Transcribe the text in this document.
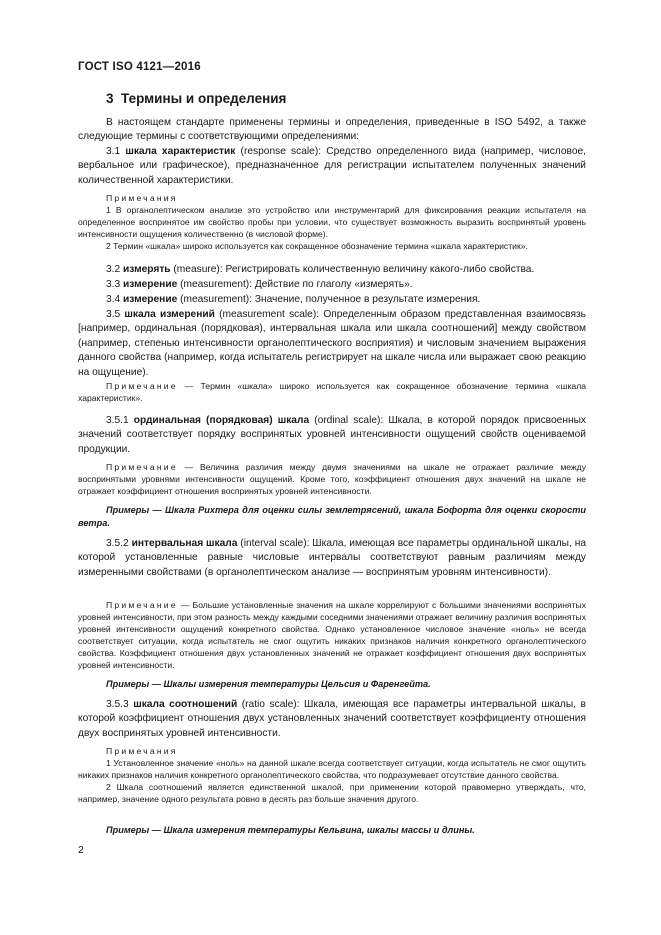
ГОСТ ISO 4121—2016
3 Термины и определения
В настоящем стандарте применены термины и определения, приведенные в ISO 5492, а также следующие термины с соответствующими определениями:
3.1 шкала характеристик (response scale): Средство определенного вида (например, числовое, вербальное или графическое), предназначенное для регистрации испытателем полученных значений количественной характеристики.

Примечания

1 В органолептическом анализе это устройство или инструментарий для фиксирования реакции испытателя на определенное воспринятое им свойство пробы при условии, что существует возможность выразить воспринятый уровень интенсивности ощущения количественно (в числовой форме).

2 Термин «шкала» широко используется как сокращенное обозначение термина «шкала характеристик».

3.2 измерять (measure): Регистрировать количественную величину какого-либо свойства.
3.3 измерение (measurement): Действие по глаголу «измерять».
3.4 измерение (measurement): Значение, полученное в результате измерения.
3.5 шкала измерений (measurement scale): Определенным образом представленная взаимосвязь [например, ординальная (порядковая), интервальная шкала или шкала соотношений] между свойством (например, степенью интенсивности органолептического восприятия) и числовым значением выражения данного свойства (например, когда испытатель регистрирует на шкале числа или выражает свою реакцию на ощущение).
Примечание — Термин «шкала» широко используется как сокращенное обозначение термина «шкала характеристик».
3.5.1 ординальная (порядковая) шкала (ordinal scale): Шкала, в которой порядок присвоенных значений соответствует порядку воспринятых уровней интенсивности ощущений свойств оцениваемой продукции.
Примечание — Величина различия между двумя значениями на шкале не отражает различие между воспринятыми уровнями интенсивности ощущений. Кроме того, коэффициент отношения двух значений на шкале не отражает коэффициент отношения воспринятых уровней интенсивности.
Примеры — Шкала Рихтера для оценки силы землетрясений, шкала Бофорта для оценки скорости ветра.
3.5.2 интервальная шкала (interval scale): Шкала, имеющая все параметры ординальной шкалы, на которой установленные равные числовые интервалы соответствуют равным различиям между измеренными свойствами (в органолептическом анализе — воспринятым уровням интенсивности).
Примечание — Большие установленные значения на шкале коррелируют с большими значениями воспринятых уровней интенсивности, при этом разность между каждыми соседними значениями отражает величину различия воспринятых уровней интенсивности ощущений конкретного свойства. Однако установленное числовое значение «ноль» не всегда соответствует ситуации, когда испытатель не смог ощутить никаких признаков наличия конкретного органолептического свойства. Коэффициент отношения двух установленных значений не отражает коэффициент отношения двух воспринятых уровней интенсивности.
Примеры — Шкалы измерения температуры Цельсия и Фаренгейта.
3.5.3 шкала соотношений (ratio scale): Шкала, имеющая все параметры интервальной шкалы, в которой коэффициент отношения двух установленных значений соответствует коэффициенту отношения двух воспринятых уровней интенсивности.

Примечания

1 Установленное значение «ноль» на данной шкале всегда соответствует ситуации, когда испытатель не смог ощутить никаких признаков наличия конкретного органолептического свойства, что подразумевает отсутствие данного свойства.

2 Шкала соотношений является единственной шкалой, при применении которой правомерно утверждать, что, например, значение одного результата ровно в десять раз больше значения другого.

Примеры — Шкала измерения температуры Кельвина, шкалы массы и длины.
2
